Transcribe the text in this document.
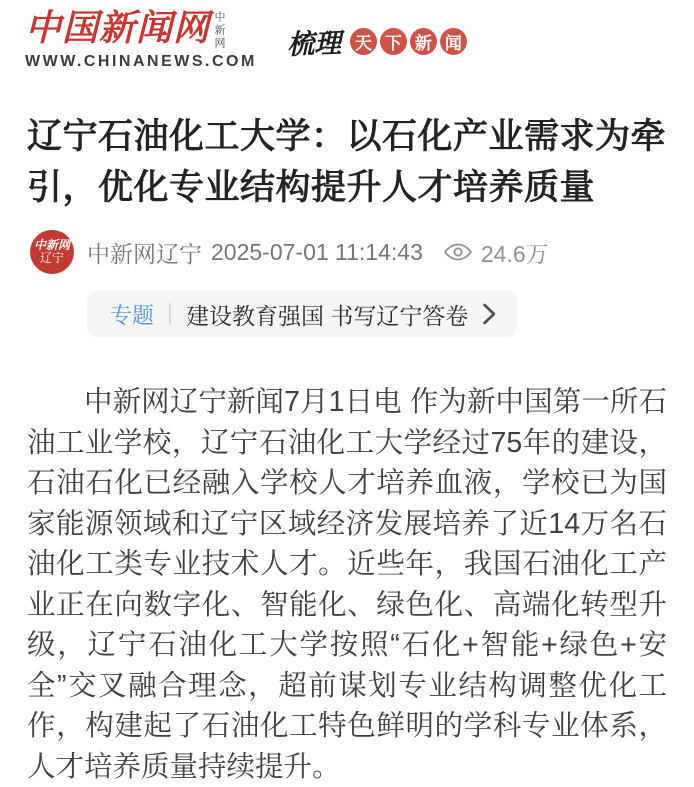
中国新闻网 中新网
WWW.CHINANEWS.COM
梳理 天 下 新 闻
辽宁石油化工大学：以石化产业需求为牵引，优化专业结构提升人才培养质量
中新网
辽宁 中新网辽宁 2025-07-01 11:14:43	24.6万
专题 建设教育强国 书写辽宁答卷

中新网辽宁新闻7月1日电 作为新中国第一所石油工业学校，辽宁石油化工大学经过75年的建设，石油石化已经融入学校人才培养血液，学校已为国家能源领域和辽宁区域经济发展培养了近14万名石油化工类专业技术人才。近些年，我国石油化工产业正在向数字化、智能化、绿色化、高端化转型升级，辽宁石油化工大学按照“石化+智能+绿色+安全”交叉融合理念，超前谋划专业结构调整优化工作，构建起了石油化工特色鲜明的学科专业体系，人才培养质量持续提升。
